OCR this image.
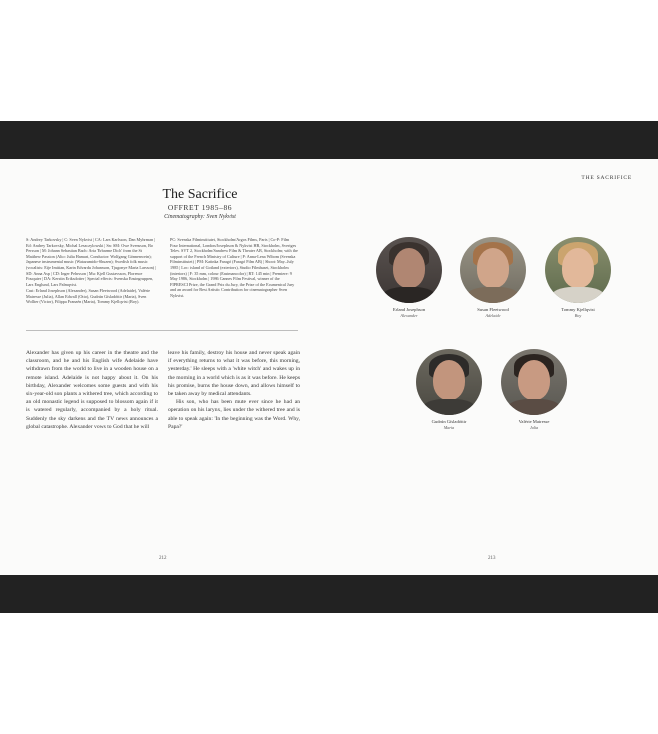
THE SACRIFICE
The Sacrifice
OFFRET 1985–86
Cinematography: Sven Nykvist
S: Andrey Tarkovsky | C: Sven Nykvist | CA: Lars Karlsson, Dan Myhrman | Ed: Andrey Tarkovsky, Michal Leszczylowski | Sn: SM: Owe Svensson, Bo Persson | M: Johann Sebastian Bach: Aria 'Erbarme Dich' from the St Matthew Passion (Alto: Julia Hamari, Conductor: Wolfgang Gönnenwein); Japanese instrumental music (Watazumido-Shuzen); Swedish folk music (vocalists: Eije Imitian, Karin Edvardu Johansson, Tjugonye Maria Larsson) | SD: Anna Asp | CD: Inger Pehrsson | Mu: Kjell Gustavsson, Florence Fouquier | DA: Kerstin Eriksdotter | Special effects: Svenska Ensingruppen, Lars Englund, Lars Palmqvist.
Cast: Erland Josephson (Alexander), Susan Fleetwood (Adelaide), Valérie Mairesse (Julia), Allan Edwall (Otto), Gudrún Gísladóttir (Maria), Sven Wollter (Victor), Filippa Franzén (Marta), Tommy Kjellqvist (Boy).
PC: Svenska Filminstitutet, Stockholm/Argos Films, Paris | Co-P: Film Four International, London/Josephson & Nykvist HB, Stockholm, Sveriges Telev. SVT 2, Stockholm/Sandrew Film & Theater AB, Stockholm; with the support of the French Ministry of Culture | P: Anna-Lena Wibom (Svenska Filminstitutet) | PM: Katinka Faragó (Faragó Film AB) | Shoot: May–July 1985 | Loc: island of Gotland (exteriors), Studio Filmhuset, Stockholm (interiors) | F: 35 mm, colour (Eastmancolor) | RT: 145 min | Premiere: 9 May 1986, Stockholm | 1986 Cannes Film Festival, winner of the FIPRESCI Prize, the Grand Prix du Jury, the Prize of the Ecumenical Jury and an award for Best Artistic Contribution for cinematographer Sven Nykvist.

Alexander has given up his career in the theatre and the classroom, and he and his English wife Adelaide have withdrawn from the world to live in a wooden house on a remote island. Adelaide is not happy about it. On his birthday, Alexander welcomes some guests and with his six-year-old son plants a withered tree, which according to an old monastic legend is supposed to blossom again if it is watered regularly, accompanied by a holy ritual. Suddenly the sky darkens and the TV news announces a global catastrophe. Alexander vows to God that he will

leave his family, destroy his house and never speak again if everything returns to what it was before, this morning, yesterday.' He sleeps with a 'white witch' and wakes up in the morning in a world which is as it was before. He keeps his promise, burns the house down, and allows himself to be taken away by medical attendants.

His son, who has been mute ever since he had an operation on his larynx, lies under the withered tree and is able to speak again: 'In the beginning was the Word. Why, Papa?'

Erland Josephson
Alexander
Susan Fleetwood
Adelaide
Tommy Kjellqvist
Boy
Gudrún Gísladóttir
Maria
Valérie Mairesse
Julia
212	213
